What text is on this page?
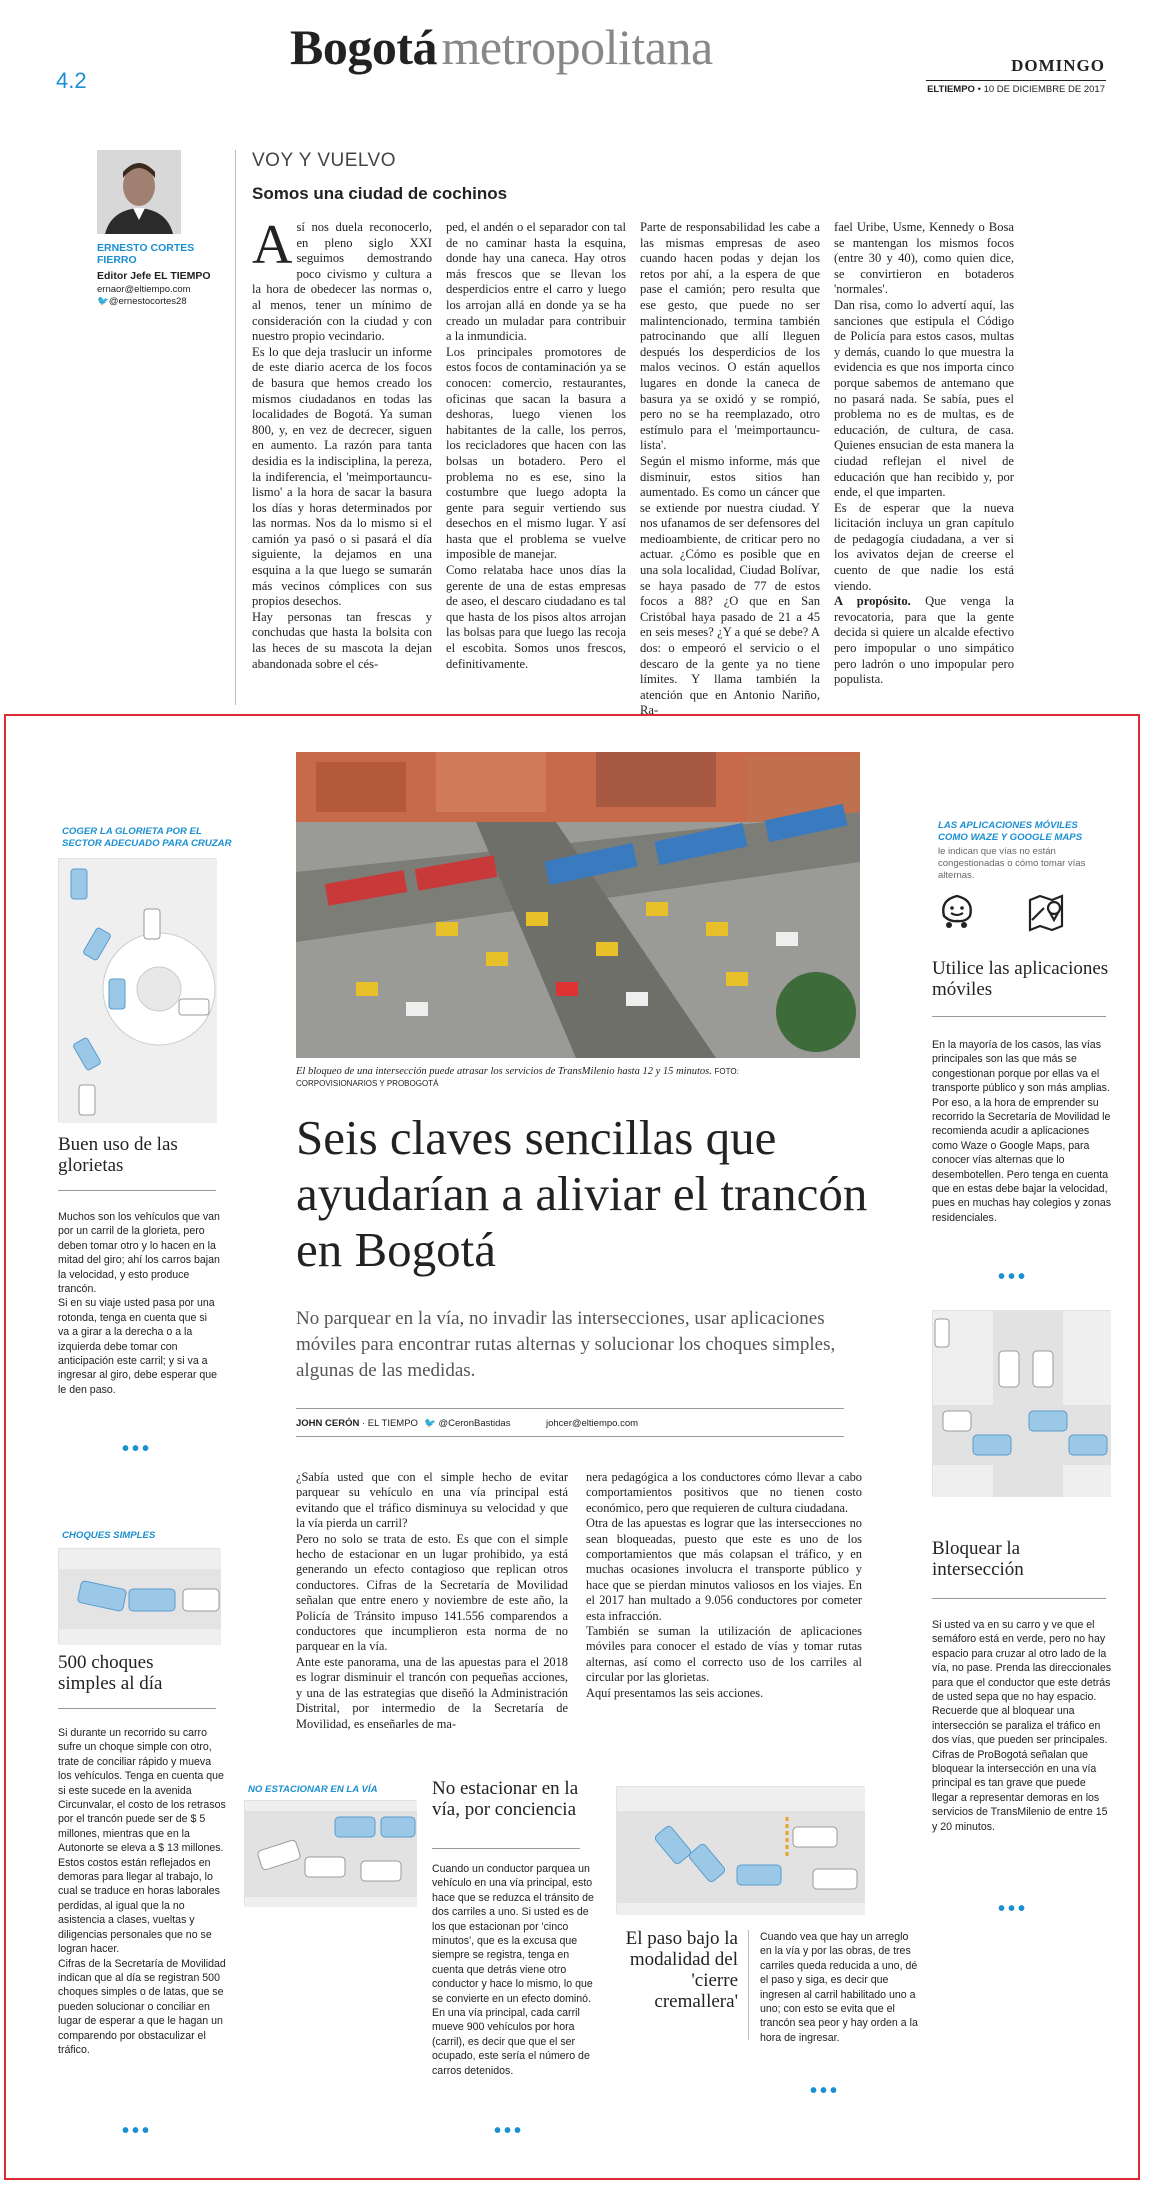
4.2
Bogotá metropolitana	DOMINGO
ELTIEMPO • 10 DE DICIEMBRE DE 2017
ERNESTO CORTES FIERRO
Editor Jefe EL TIEMPO
ernaor@eltiempo.com
🐦@ernestocortes28
VOY Y VUELVO
Somos una ciudad de cochinos
A sí nos duela reconocerlo, en pleno siglo XXI seguimos demostrando poco civismo y cultura a la hora de obedecer las normas o, al menos, tener un mínimo de consideración con la ciudad y con nuestro propio vecindario.
Es lo que deja traslucir un informe de este diario acerca de los focos de basura que hemos creado los mismos ciudadanos en todas las localidades de Bogotá. Ya suman 800, y, en vez de decrecer, siguen en aumento. La razón para tanta desidia es la indisciplina, la pereza, la indiferencia, el 'meimportaunculismo' a la hora de sacar la basura los días y horas determinados por las normas. Nos da lo mismo si el camión ya pasó o si pasará el día siguiente, la dejamos en una esquina a la que luego se sumarán más vecinos cómplices con sus propios desechos.
Hay personas tan frescas y conchudas que hasta la bolsita con las heces de su mascota la dejan abandonada sobre el cés-
ped, el andén o el separador con tal de no caminar hasta la esquina, donde hay una caneca. Hay otros más frescos que se llevan los desperdicios entre el carro y luego los arrojan allá en donde ya se ha creado un muladar para contribuir a la inmundicia.
Los principales promotores de estos focos de contaminación ya se conocen: comercio, restaurantes, oficinas que sacan la basura a deshoras, luego vienen los habitantes de la calle, los perros, los recicladores que hacen con las bolsas un botadero. Pero el problema no es ese, sino la costumbre que luego adopta la gente para seguir vertiendo sus desechos en el mismo lugar. Y así hasta que el problema se vuelve imposible de manejar.
Como relataba hace unos días la gerente de una de estas empresas de aseo, el descaro ciudadano es tal que hasta de los pisos altos arrojan las bolsas para que luego las recoja el escobita. Somos unos frescos, definitivamente.
Parte de responsabilidad les cabe a las mismas empresas de aseo cuando hacen podas y dejan los retos por ahí, a la espera de que pase el camión; pero resulta que ese gesto, que puede no ser malintencionado, termina también patrocinando que allí lleguen después los desperdicios de los malos vecinos. O están aquellos lugares en donde la caneca de basura ya se oxidó y se rompió, pero no se ha reemplazado, otro estímulo para el 'meimportaunculista'.
Según el mismo informe, más que disminuir, estos sitios han aumentado. Es como un cáncer que se extiende por nuestra ciudad. Y nos ufanamos de ser defensores del medioambiente, de criticar pero no actuar. ¿Cómo es posible que en una sola localidad, Ciudad Bolívar, se haya pasado de 77 de estos focos a 88? ¿O que en San Cristóbal haya pasado de 21 a 45 en seis meses? ¿Y a qué se debe? A dos: o empeoró el servicio o el descaro de la gente ya no tiene límites. Y llama también la atención que en Antonio Nariño, Ra-
fael Uribe, Usme, Kennedy o Bosa se mantengan los mismos focos (entre 30 y 40), como quien dice, se convirtieron en botaderos 'normales'.
Dan risa, como lo advertí aquí, las sanciones que estipula el Código de Policía para estos casos, multas y demás, cuando lo que muestra la evidencia es que nos importa cinco porque sabemos de antemano que no pasará nada. Se sabía, pues el problema no es de multas, es de educación, de cultura, de casa. Quienes ensucian de esta manera la ciudad reflejan el nivel de educación que han recibido y, por ende, el que imparten.
Es de esperar que la nueva licitación incluya un gran capítulo de pedagogía ciudadana, a ver si los avivatos dejan de creerse el cuento de que nadie los está viendo.
A propósito. Que venga la revocatoria, para que la gente decida si quiere un alcalde efectivo pero impopular o uno simpático pero ladrón o uno impopular pero populista.
El bloqueo de una intersección puede atrasar los servicios de TransMilenio hasta 12 y 15 minutos. FOTO: CORPOVISIONARIOS Y PROBOGOTÁ
Seis claves sencillas que ayudarían a aliviar el trancón en Bogotá
No parquear en la vía, no invadir las intersecciones, usar aplicaciones móviles para encontrar rutas alternas y solucionar los choques simples, algunas de las medidas.
JOHN CERÓN · EL TIEMPO 🐦 @CeronBastidas	johcer@eltiempo.com
¿Sabía usted que con el simple hecho de evitar parquear su vehículo en una vía principal está evitando que el tráfico disminuya su velocidad y que la vía pierda un carril?
Pero no solo se trata de esto. Es que con el simple hecho de estacionar en un lugar prohibido, ya está generando un efecto contagioso que replican otros conductores. Cifras de la Secretaría de Movilidad señalan que entre enero y noviembre de este año, la Policía de Tránsito impuso 141.556 comparendos a conductores que incumplieron esta norma de no parquear en la vía.
Ante este panorama, una de las apuestas para el 2018 es lograr disminuir el trancón con pequeñas acciones, y una de las estrategias que diseñó la Administración Distrital, por intermedio de la Secretaría de Movilidad, es enseñarles de ma-
nera pedagógica a los conductores cómo llevar a cabo comportamientos positivos que no tienen costo económico, pero que requieren de cultura ciudadana.
Otra de las apuestas es lograr que las intersecciones no sean bloqueadas, puesto que este es uno de los comportamientos que más colapsan el tráfico, y en muchas ocasiones involucra el transporte público y hace que se pierdan minutos valiosos en los viajes. En el 2017 han multado a 9.056 conductores por cometer esta infracción.
También se suman la utilización de aplicaciones móviles para conocer el estado de vías y tomar rutas alternas, así como el correcto uso de los carriles al circular por las glorietas.
Aquí presentamos las seis acciones.
COGER LA GLORIETA POR EL SECTOR ADECUADO PARA CRUZAR
Buen uso de las glorietas
Muchos son los vehículos que van por un carril de la glorieta, pero deben tomar otro y lo hacen en la mitad del giro; ahí los carros bajan la velocidad, y esto produce trancón.
Si en su viaje usted pasa por una rotonda, tenga en cuenta que si va a girar a la derecha o a la izquierda debe tomar con anticipación este carril; y si va a ingresar al giro, debe esperar que le den paso.
•••
CHOQUES SIMPLES
500 choques simples al día
Si durante un recorrido su carro sufre un choque simple con otro, trate de conciliar rápido y mueva los vehículos. Tenga en cuenta que si este sucede en la avenida Circunvalar, el costo de los retrasos por el trancón puede ser de $ 5 millones, mientras que en la Autonorte se eleva a $ 13 millones. Estos costos están reflejados en demoras para llegar al trabajo, lo cual se traduce en horas laborales perdidas, al igual que la no asistencia a clases, vueltas y diligencias personales que no se logran hacer.
Cifras de la Secretaría de Movilidad indican que al día se registran 500 choques simples o de latas, que se pueden solucionar o conciliar en lugar de esperar a que le hagan un comparendo por obstaculizar el tráfico.
•••
NO ESTACIONAR EN LA VÍA	No estacionar en la vía, por conciencia
Cuando un conductor parquea un vehículo en una vía principal, esto hace que se reduzca el tránsito de dos carriles a uno. Si usted es de los que estacionan por 'cinco minutos', que es la excusa que siempre se registra, tenga en cuenta que detrás viene otro conductor y hace lo mismo, lo que se convierte en un efecto dominó. En una vía principal, cada carril mueve 900 vehículos por hora (carril), es decir que que el ser ocupado, este sería el número de carros detenidos.
•••
El paso bajo la modalidad del 'cierre cremallera'
Cuando vea que hay un arreglo en la vía y por las obras, de tres carriles queda reducida a uno, dé el paso y siga, es decir que ingresen al carril habilitado uno a uno; con esto se evita que el trancón sea peor y hay orden a la hora de ingresar.
•••
LAS APLICACIONES MÓVILES COMO WAZE Y GOOGLE MAPS
le indican que vías no están congestionadas o cómo tomar vías alternas.
Utilice las aplicaciones móviles
En la mayoría de los casos, las vías principales son las que más se congestionan porque por ellas va el transporte público y son más amplias. Por eso, a la hora de emprender su recorrido la Secretaría de Movilidad le recomienda acudir a aplicaciones como Waze o Google Maps, para conocer vías alternas que lo desembotellen. Pero tenga en cuenta que en estas debe bajar la velocidad, pues en muchas hay colegios y zonas residenciales.
•••
Bloquear la intersección
Si usted va en su carro y ve que el semáforo está en verde, pero no hay espacio para cruzar al otro lado de la vía, no pase. Prenda las direccionales para que el conductor que este detrás de usted sepa que no hay espacio.
Recuerde que al bloquear una intersección se paraliza el tráfico en dos vías, que pueden ser principales. Cifras de ProBogotá señalan que bloquear la intersección en una vía principal es tan grave que puede llegar a representar demoras en los servicios de TransMilenio de entre 15 y 20 minutos.
•••
